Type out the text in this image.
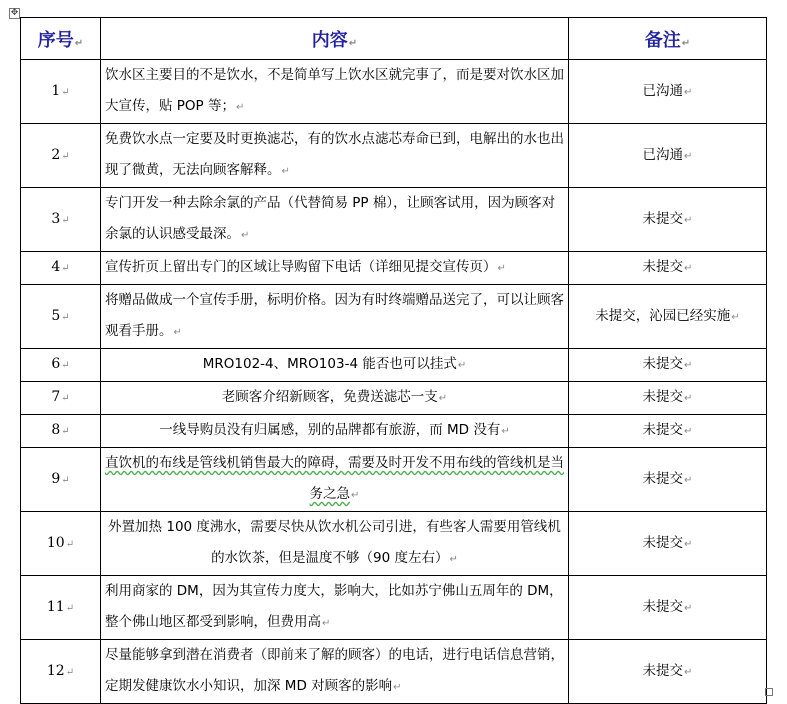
✥
序号↵	内容↵	备注↵
1↵	饮水区主要目的不是饮水，不是简单写上饮水区就完事了，而是要对饮水区加大宣传，贴 POP 等；↵	已沟通↵
2↵	免费饮水点一定要及时更换滤芯，有的饮水点滤芯寿命已到，电解出的水也出现了微黄，无法向顾客解释。↵	已沟通↵
3↵	专门开发一种去除余氯的产品（代替简易 PP 棉），让顾客试用，因为顾客对余氯的认识感受最深。↵	未提交↵
4↵	宣传折页上留出专门的区域让导购留下电话（详细见提交宣传页）↵	未提交↵
5↵	将赠品做成一个宣传手册，标明价格。因为有时终端赠品送完了，可以让顾客观看手册。↵	未提交，沁园已经实施↵
6↵	MRO102-4、MRO103-4 能否也可以挂式↵	未提交↵
7↵	老顾客介绍新顾客，免费送滤芯一支↵	未提交↵
8↵	一线导购员没有归属感，别的品牌都有旅游，而 MD 没有↵	未提交↵
9↵	直饮机的布线是管线机销售最大的障碍，需要及时开发不用布线的管线机是当务之急↵	未提交↵
10↵	外置加热 100 度沸水，需要尽快从饮水机公司引进，有些客人需要用管线机的水饮茶，但是温度不够（90 度左右）↵	未提交↵
11↵	利用商家的 DM，因为其宣传力度大，影响大，比如苏宁佛山五周年的 DM，整个佛山地区都受到影响，但费用高↵	未提交↵
12↵	尽量能够拿到潜在消费者（即前来了解的顾客）的电话，进行电话信息营销，定期发健康饮水小知识，加深 MD 对顾客的影响↵	未提交↵
